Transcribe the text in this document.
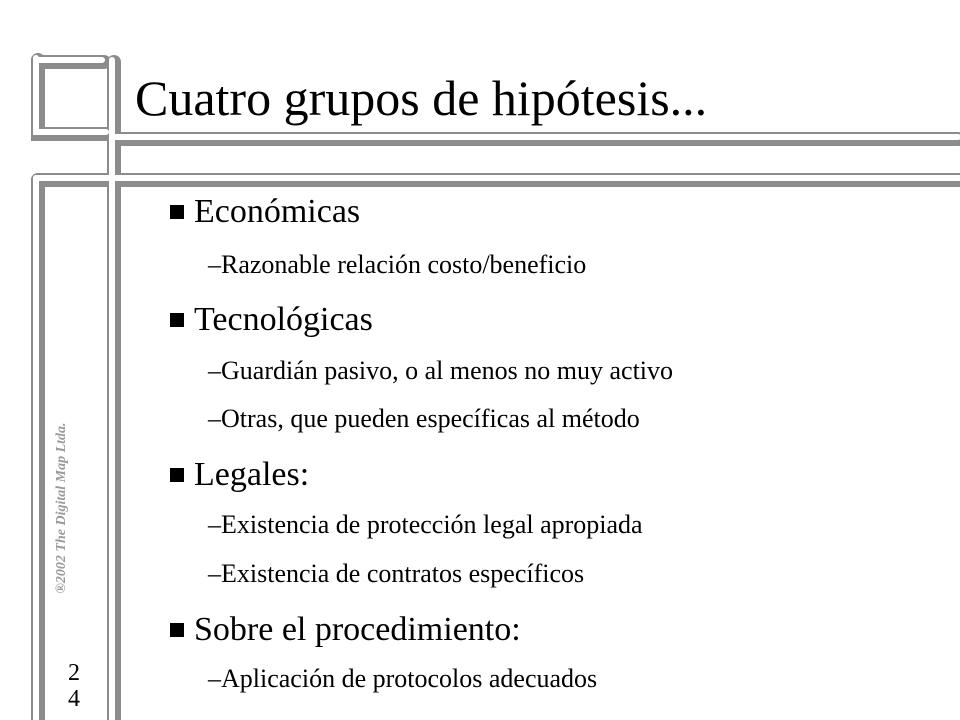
Cuatro grupos de hipótesis...
Económicas
–Razonable relación costo/beneficio
Tecnológicas
–Guardián pasivo, o al menos no muy activo
–Otras, que pueden específicas al método
Legales:
–Existencia de protección legal apropiada
–Existencia de contratos específicos
Sobre el procedimiento:
–Aplicación de protocolos adecuados
®2002 The Digital Map Ltda.
2
4
